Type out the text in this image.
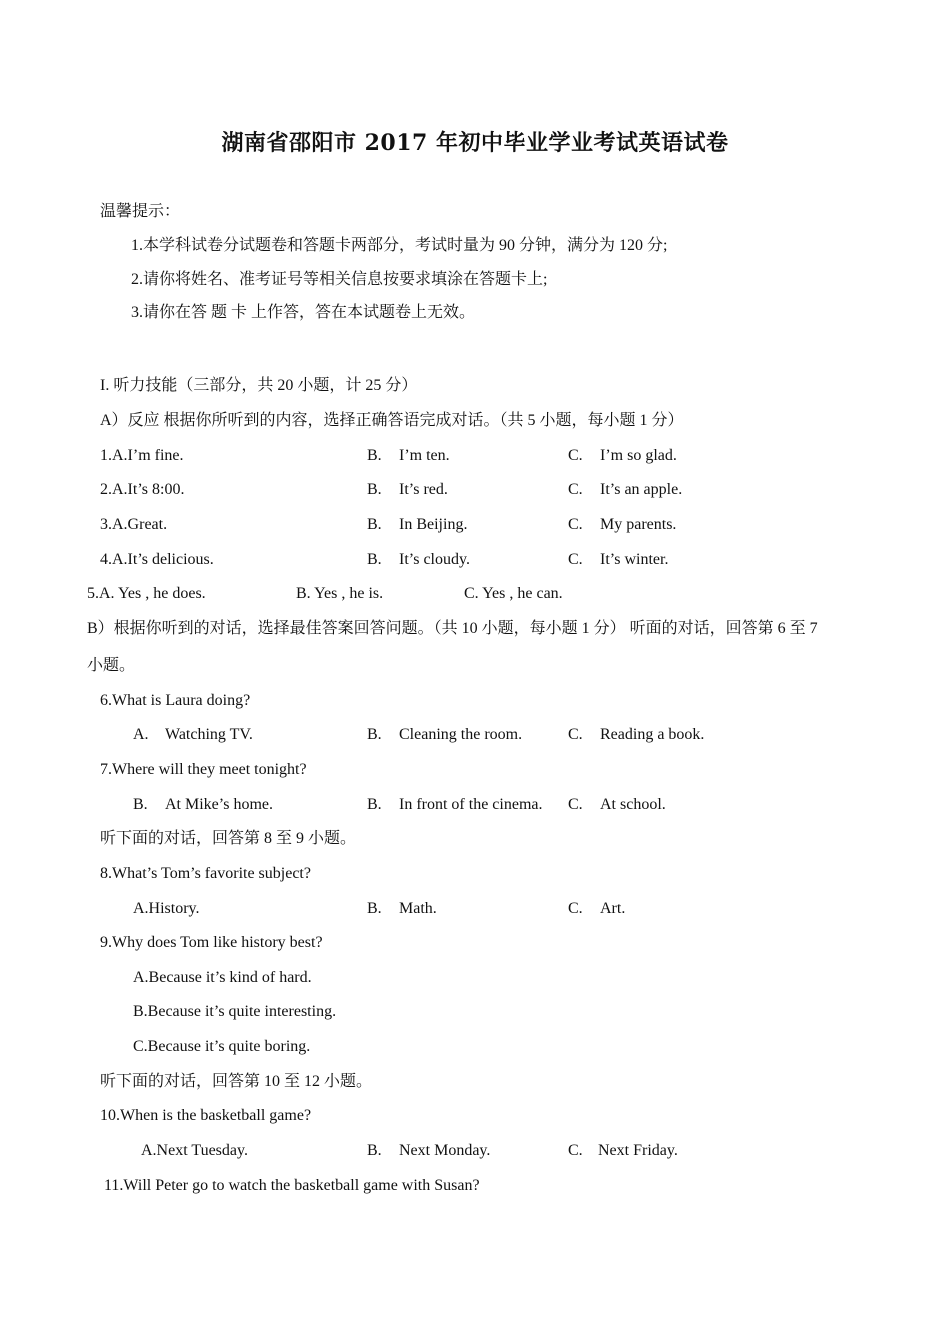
湖南省邵阳市 2017 年初中毕业学业考试英语试卷
温馨提示：
1.本学科试卷分试题卷和答题卡两部分，考试时量为 90 分钟，满分为 120 分;
2.请你将姓名、准考证号等相关信息按要求填涂在答题卡上;
3.请你在答 题 卡 上作答，答在本试题卷上无效。
I. 听力技能（三部分，共 20 小题，计 25 分）
A）反应 根据你所听到的内容，选择正确答语完成对话。（共 5 小题，每小题 1 分）
1.A.I’m fine.	B. I’m ten.	C. I’m so glad.
2.A.It’s 8:00.	B. It’s red.	C. It’s an apple.
3.A.Great.	B. In Beijing.	C. My parents.
4.A.It’s delicious.	B. It’s cloudy.	C. It’s winter.
5.A. Yes , he does.	B. Yes , he is.	C. Yes , he can.
B）根据你听到的对话，选择最佳答案回答问题。（共 10 小题，每小题 1 分） 听面的对话，回答第 6 至 7
小题。
6.What is Laura doing?
A. Watching TV.	B. Cleaning the room.	C. Reading a book.
7.Where will they meet tonight?
B. At Mike’s home.	B. In front of the cinema. C. At school.
听下面的对话，回答第 8 至 9 小题。
8.What’s Tom’s favorite subject?
A.History.	B. Math.	C. Art.
9.Why does Tom like history best?
A.Because it’s kind of hard.
B.Because it’s quite interesting.
C.Because it’s quite boring.
听下面的对话，回答第 10 至 12 小题。
10.When is the basketball game?
A.Next Tuesday.	B. Next Monday.	C. Next Friday.
11.Will Peter go to watch the basketball game with Susan?
